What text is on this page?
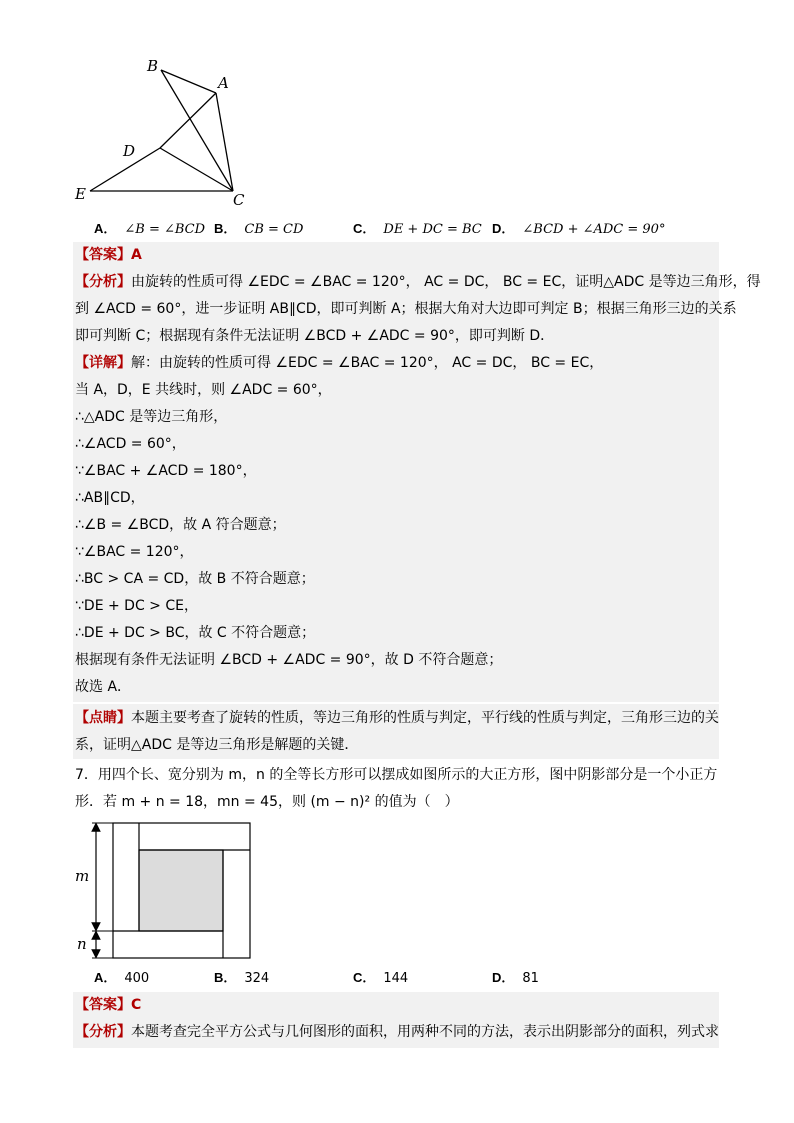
B
A
D
E	C
A． ∠B = ∠BCD B． CB = CD	C． DE + DC = BC D． ∠BCD + ∠ADC = 90°
【答案】A
【分析】由旋转的性质可得 ∠EDC = ∠BAC = 120°， AC = DC， BC = EC，证明△ADC 是等边三角形，得
到 ∠ACD = 60°，进一步证明 AB∥CD，即可判断 A；根据大角对大边即可判定 B；根据三角形三边的关系
即可判断 C；根据现有条件无法证明 ∠BCD + ∠ADC = 90°，即可判断 D．
【详解】解：由旋转的性质可得 ∠EDC = ∠BAC = 120°， AC = DC， BC = EC，
当 A，D，E 共线时，则 ∠ADC = 60°，
∴△ADC 是等边三角形，
∴∠ACD = 60°，
∵∠BAC + ∠ACD = 180°，
∴AB∥CD，
∴∠B = ∠BCD，故 A 符合题意；
∵∠BAC = 120°，
∴BC > CA = CD，故 B 不符合题意；
∵DE + DC > CE，
∴DE + DC > BC，故 C 不符合题意；
根据现有条件无法证明 ∠BCD + ∠ADC = 90°，故 D 不符合题意；
故选 A．
【点睛】本题主要考查了旋转的性质，等边三角形的性质与判定，平行线的性质与判定，三角形三边的关
系，证明△ADC 是等边三角形是解题的关键．
7．用四个长、宽分别为 m，n 的全等长方形可以摆成如图所示的大正方形，图中阴影部分是一个小正方
形．若 m + n = 18，mn = 45，则 (m − n)² 的值为（　）
m
n
A． 400	B． 324	C． 144	D． 81
【答案】C
【分析】本题考查完全平方公式与几何图形的面积，用两种不同的方法，表示出阴影部分的面积，列式求
